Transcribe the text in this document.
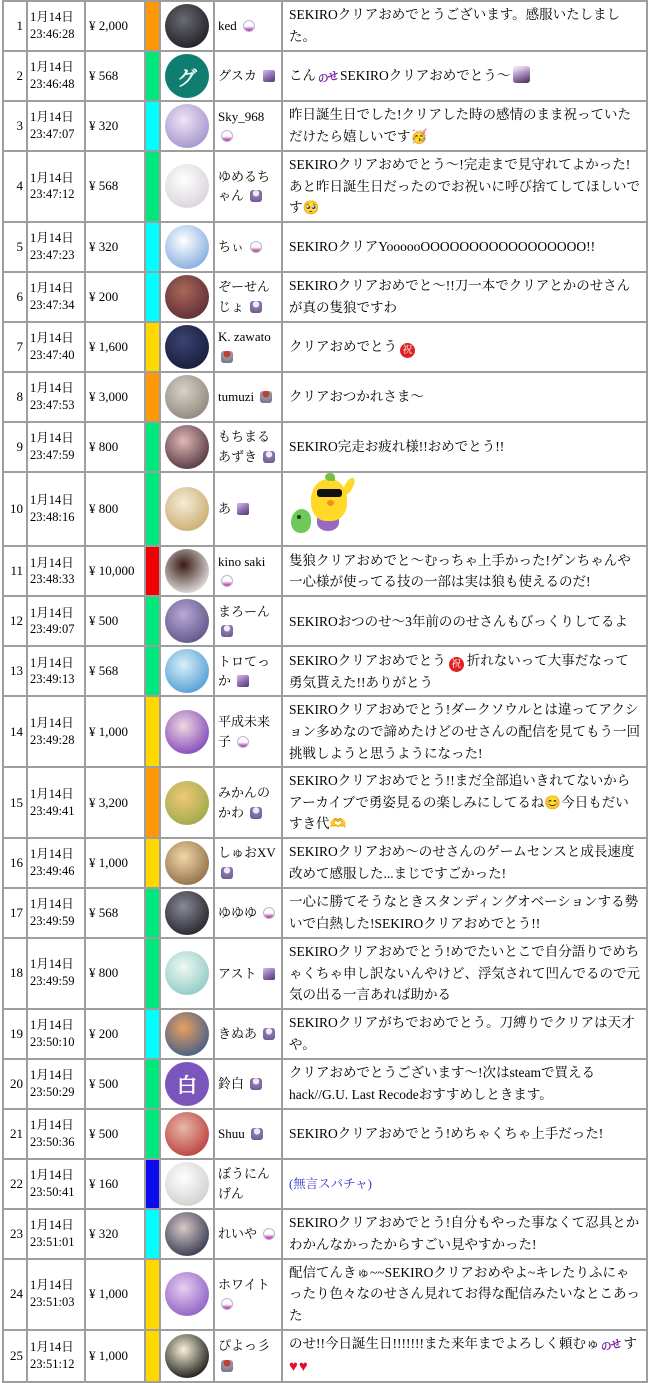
1	1月14日
23:46:28	¥ 2,000			ked	SEKIROクリアおめでとうございます。感服いたしました。
2	1月14日
23:46:48	¥ 568		グ	グスカ	こんのせSEKIROクリアおめでとう〜
3	1月14日
23:47:07	¥ 320			Sky_968	昨日誕生日でした!クリアした時の感情のまま祝っていただけたら嬉しいです🥳
4	1月14日
23:47:12	¥ 568			ゆめるちゃん	SEKIROクリアおめでとう〜!完走まで見守れてよかった!あと昨日誕生日だったのでお祝いに呼び捨てしてほしいです🥺
5	1月14日
23:47:23	¥ 320			ちぃ	SEKIROクリアYoooooOOOOOOOOOOOOOOOOO!!
6	1月14日
23:47:34	¥ 200			ぞーせんじょ	SEKIROクリアおめでと〜!!刀一本でクリアとかのせさんが真の隻狼ですわ
7	1月14日
23:47:40	¥ 1,600			K. zawato	クリアおめでとう 祝
8	1月14日
23:47:53	¥ 3,000			tumuzi	クリアおつかれさま〜
9	1月14日
23:47:59	¥ 800			もちまるあずき	SEKIRO完走お疲れ様!!おめでとう!!
10	1月14日
23:48:16	¥ 800			あ	

11	1月14日
23:48:33	¥ 10,000			kino saki	隻狼クリアおめでと〜むっちゃ上手かった!ゲンちゃんや一心様が使ってる技の一部は実は狼も使えるのだ!
12	1月14日
23:49:07	¥ 500			まろーん	SEKIROおつのせ〜3年前ののせさんもびっくりしてるよ
13	1月14日
23:49:13	¥ 568			トロてっか	SEKIROクリアおめでとう 祝 折れないって大事だなって勇気貰えた!!ありがとう
14	1月14日
23:49:28	¥ 1,000			平成未来子	SEKIROクリアおめでとう!ダークソウルとは違ってアクション多めなので諦めたけどのせさんの配信を見てもう一回挑戦しようと思うようになった!
15	1月14日
23:49:41	¥ 3,200			みかんのかわ	SEKIROクリアおめでとう!!まだ全部追いきれてないからアーカイブで勇姿見るの楽しみにしてるね😊今日もだいすき代🫶
16	1月14日
23:49:46	¥ 1,000			しゅおXV	SEKIROクリアおめ〜のせさんのゲームセンスと成長速度改めて感服した...まじですごかった!
17	1月14日
23:49:59	¥ 568			ゆゆゆ	一心に勝てそうなときスタンディングオベーションする勢いで白熱した!SEKIROクリアおめでとう!!
18	1月14日
23:49:59	¥ 800			アスト	SEKIROクリアおめでとう!めでたいとこで自分語りでめちゃくちゃ申し訳ないんやけど、浮気されて凹んでるので元気の出る一言あれば助かる
19	1月14日
23:50:10	¥ 200			きぬあ	SEKIROクリアがちでおめでとう。刀縛りでクリアは天才や。
20	1月14日
23:50:29	¥ 500		白	鈴白	クリアおめでとうございます〜!次はsteamで買えるhack//G.U. Last Recodeおすすめしときます。
21	1月14日
23:50:36	¥ 500			Shuu	SEKIROクリアおめでとう!めちゃくちゃ上手だった!
22	1月14日
23:50:41	¥ 160			ぼうにんげん	(無言スパチャ)
23	1月14日
23:51:01	¥ 320			れいや	SEKIROクリアおめでとう!自分もやった事なくて忍具とかわかんなかったからすごい見やすかった!
24	1月14日
23:51:03	¥ 1,000			ホワイト	配信てんきゅ~~SEKIROクリアおめやよ~キレたりふにゃったり色々なのせさん見れてお得な配信みたいなとこあった
25	1月14日
23:51:12	¥ 1,000			ぴよっ彡	のせ!!今日誕生日!!!!!!!また来年までよろしく頼むゅのせす♥♥
